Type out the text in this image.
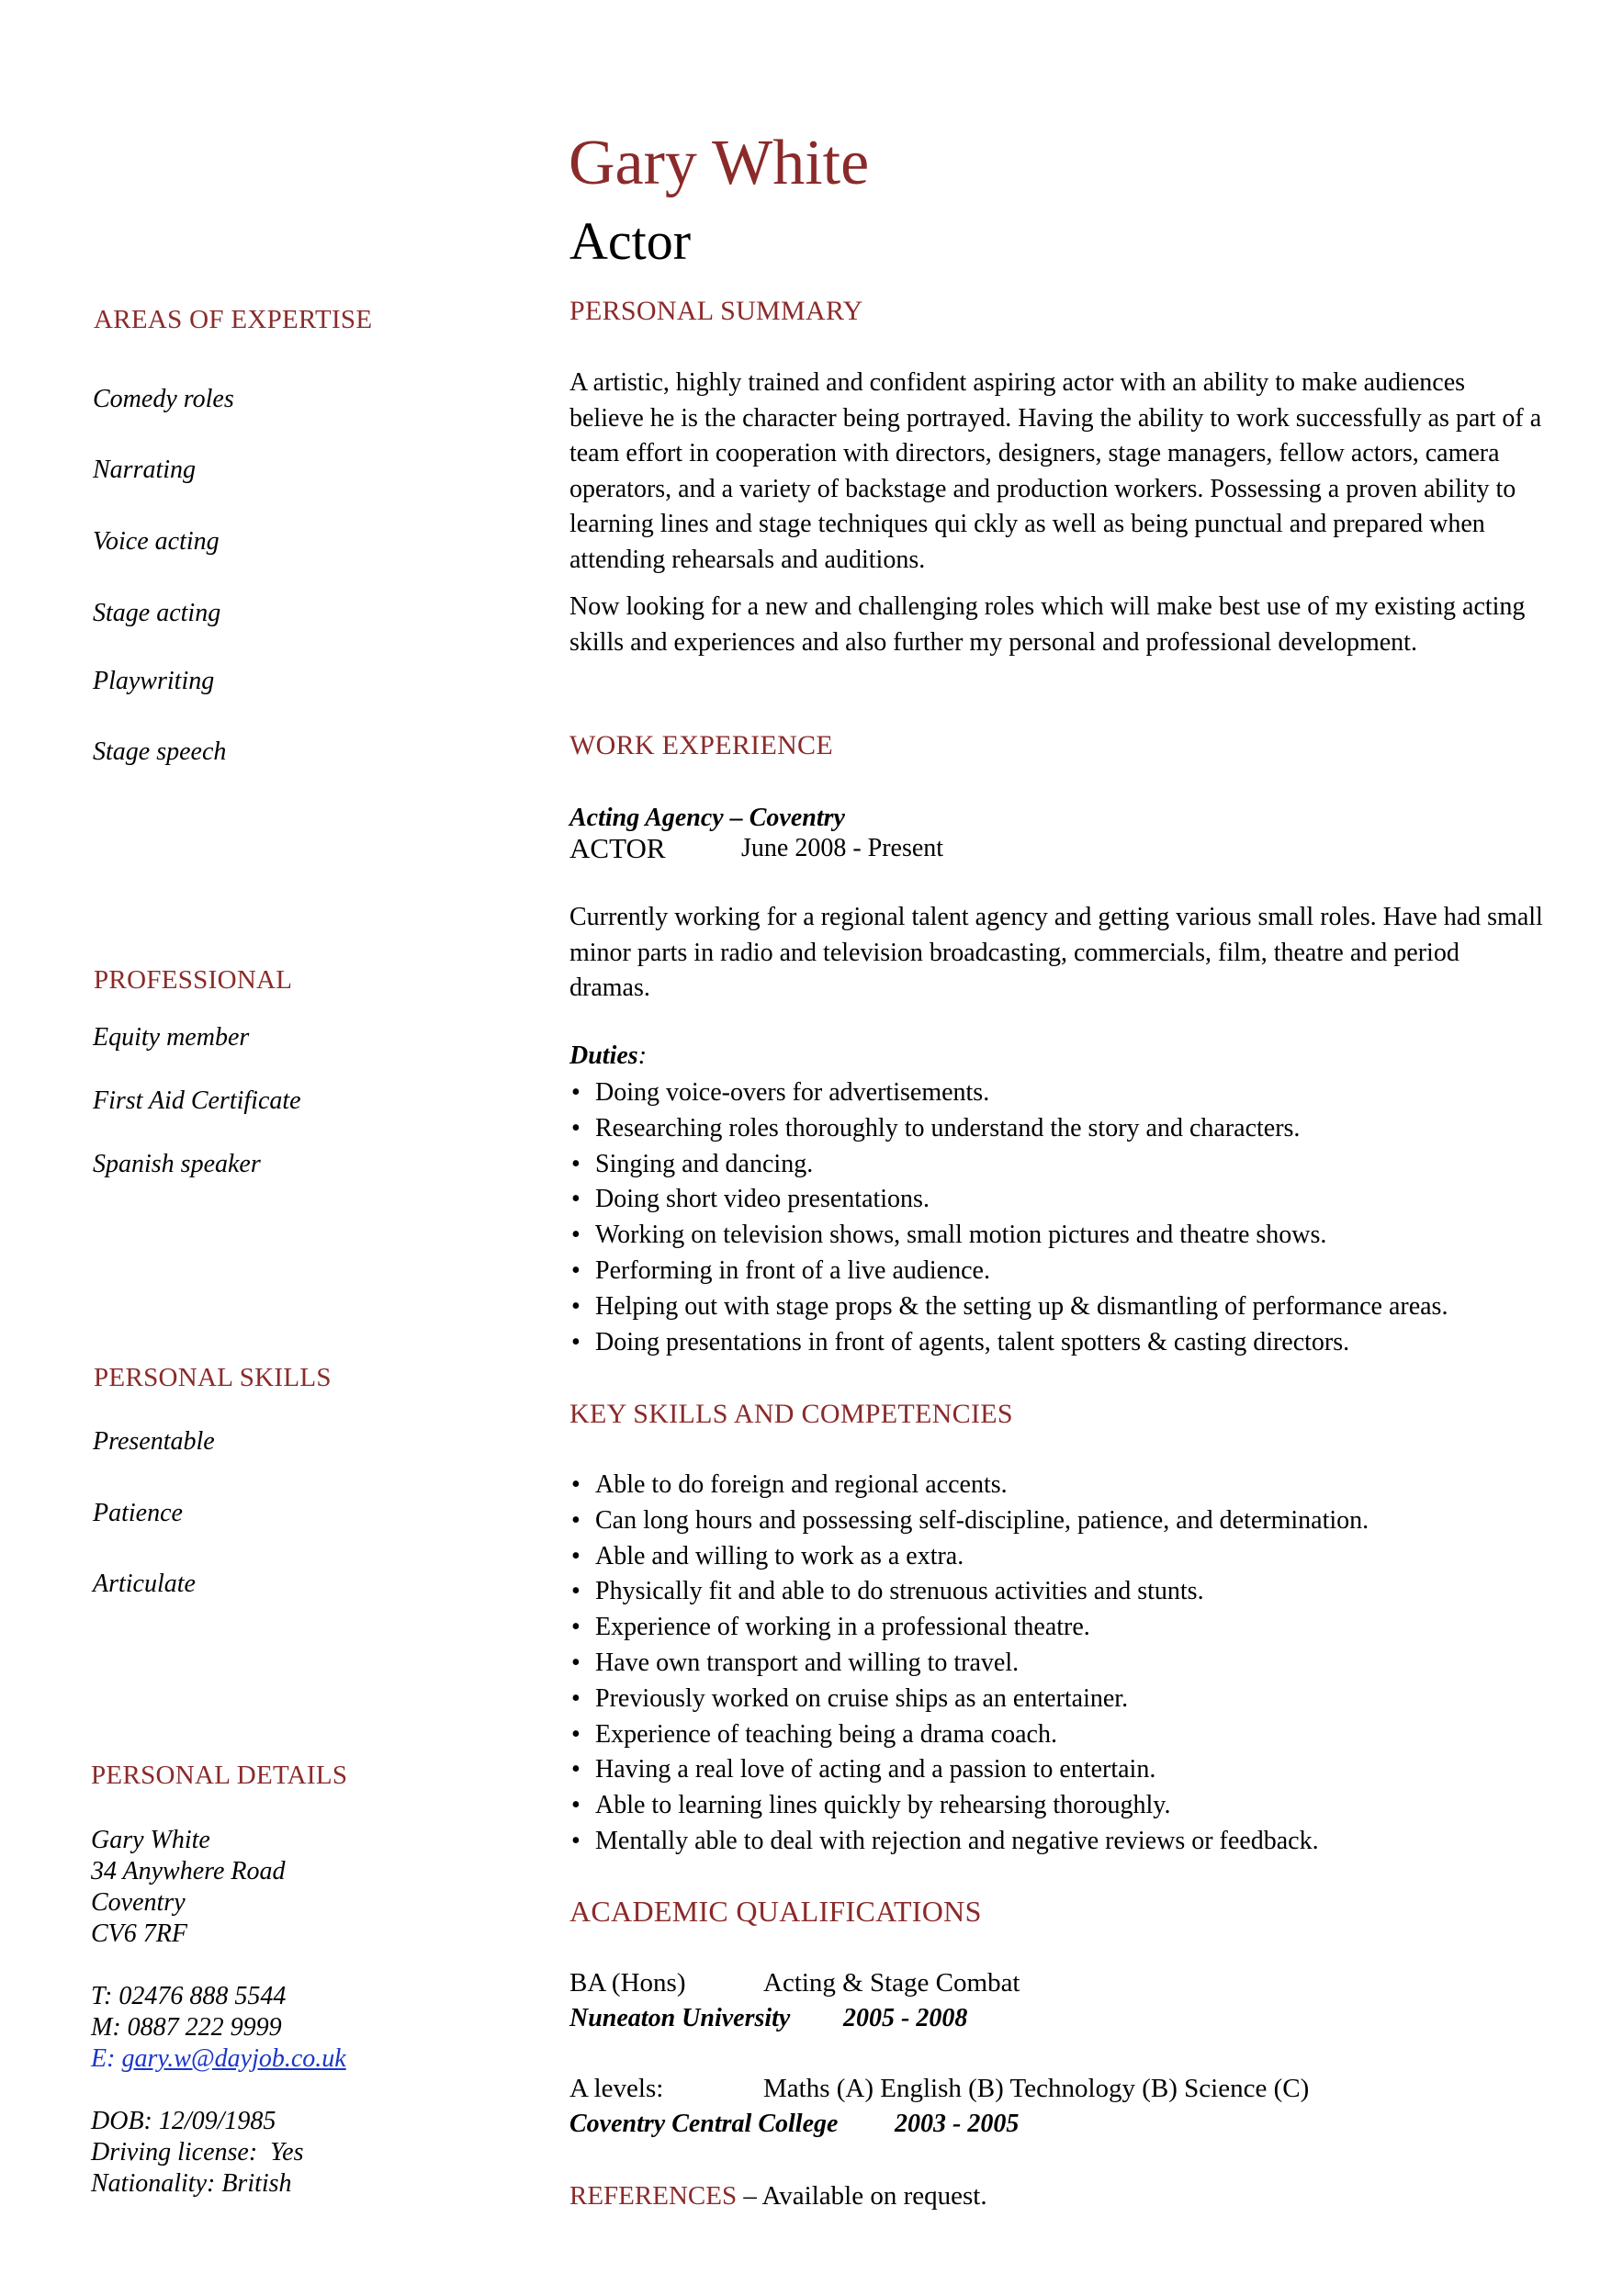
Gary White
Actor
AREAS OF EXPERTISE
Comedy roles
Narrating
Voice acting
Stage acting
Playwriting
Stage speech
PROFESSIONAL
Equity member
First Aid Certificate
Spanish speaker
PERSONAL SKILLS
Presentable
Patience
Articulate
PERSONAL DETAILS
Gary White
34 Anywhere Road
Coventry
CV6 7RF
T: 02476 888 5544
M: 0887 222 9999
E: gary.w@dayjob.co.uk
DOB: 12/09/1985
Driving license:  Yes
Nationality: British
PERSONAL SUMMARY

A artistic, highly trained and confident aspiring actor with an ability to make audiences believe he is the character being portrayed. Having the ability to work successfully as part of a team effort in cooperation with directors, designers, stage managers, fellow actors, camera operators, and a variety of backstage and production workers. Possessing a proven ability to learning lines and stage techniques qui ckly as well as being punctual and prepared when attending rehearsals and auditions.

Now looking for a new and challenging roles which will make best use of my existing acting skills and experiences and also further my personal and professional development.

WORK EXPERIENCE
Acting Agency – Coventry
ACTOR	June 2008 - Present
Currently working for a regional talent agency and getting various small roles. Have had small minor parts in radio and television broadcasting, commercials, film, theatre and period dramas.
Duties:
• Doing voice-overs for advertisements.
• Researching roles thoroughly to understand the story and characters.
• Singing and dancing.
• Doing short video presentations.
• Working on television shows, small motion pictures and theatre shows.
• Performing in front of a live audience.
• Helping out with stage props & the setting up & dismantling of performance areas.
• Doing presentations in front of agents, talent spotters & casting directors.
KEY SKILLS AND COMPETENCIES
• Able to do foreign and regional accents.
• Can long hours and possessing self-discipline, patience, and determination.
• Able and willing to work as a extra.
• Physically fit and able to do strenuous activities and stunts.
• Experience of working in a professional theatre.
• Have own transport and willing to travel.
• Previously worked on cruise ships as an entertainer.
• Experience of teaching being a drama coach.
• Having a real love of acting and a passion to entertain.
• Able to learning lines quickly by rehearsing thoroughly.
• Mentally able to deal with rejection and negative reviews or feedback.
ACADEMIC QUALIFICATIONS
BA (Hons)	Acting & Stage Combat
Nuneaton University 2005 - 2008
A levels:	Maths (A) English (B) Technology (B) Science (C)
Coventry Central College 2003 - 2005
REFERENCES – Available on request.
